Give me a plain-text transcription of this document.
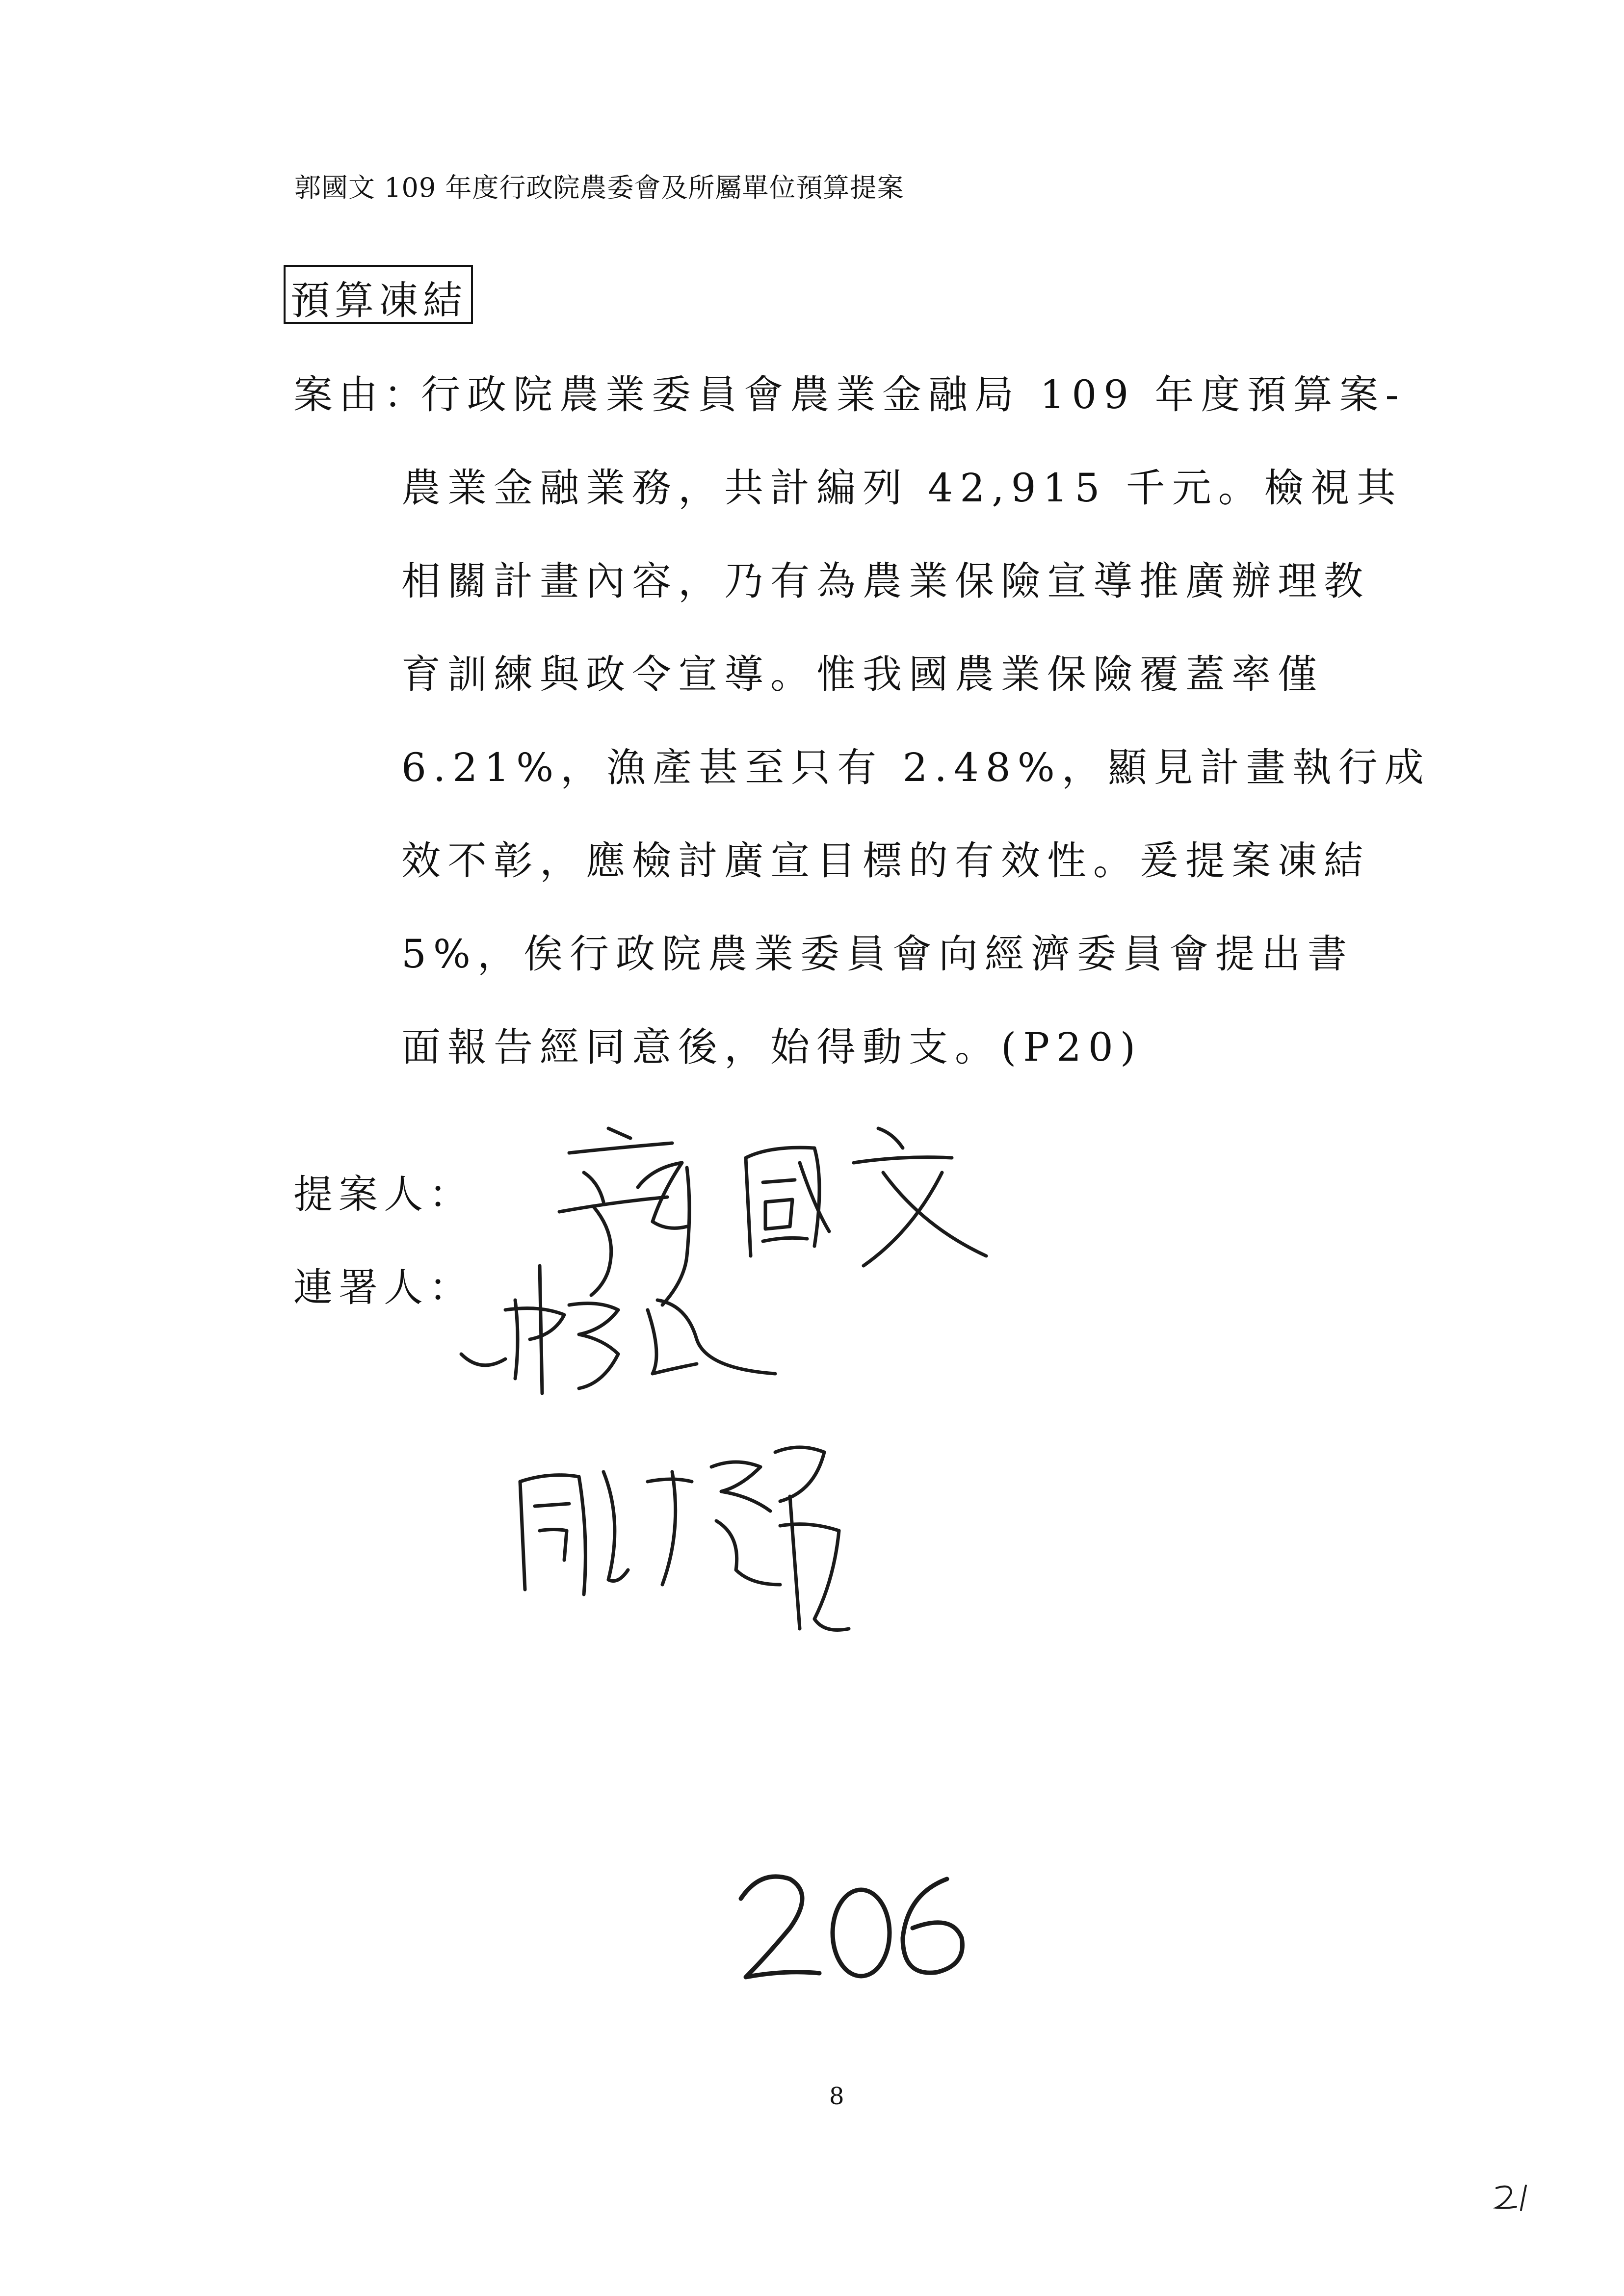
郭國文 109 年度行政院農委會及所屬單位預算提案
預算凍結
案由：
行政院農業委員會農業金融局 109 年度預算案-
農業金融業務，共計編列 42,915 千元。檢視其
相關計畫內容，乃有為農業保險宣導推廣辦理教
育訓練與政令宣導。惟我國農業保險覆蓋率僅
6.21%，漁產甚至只有 2.48%，顯見計畫執行成
效不彰，應檢討廣宣目標的有效性。爰提案凍結
5%，俟行政院農業委員會向經濟委員會提出書
面報告經同意後，始得動支。(P20)
提案人：
連署人：
8
